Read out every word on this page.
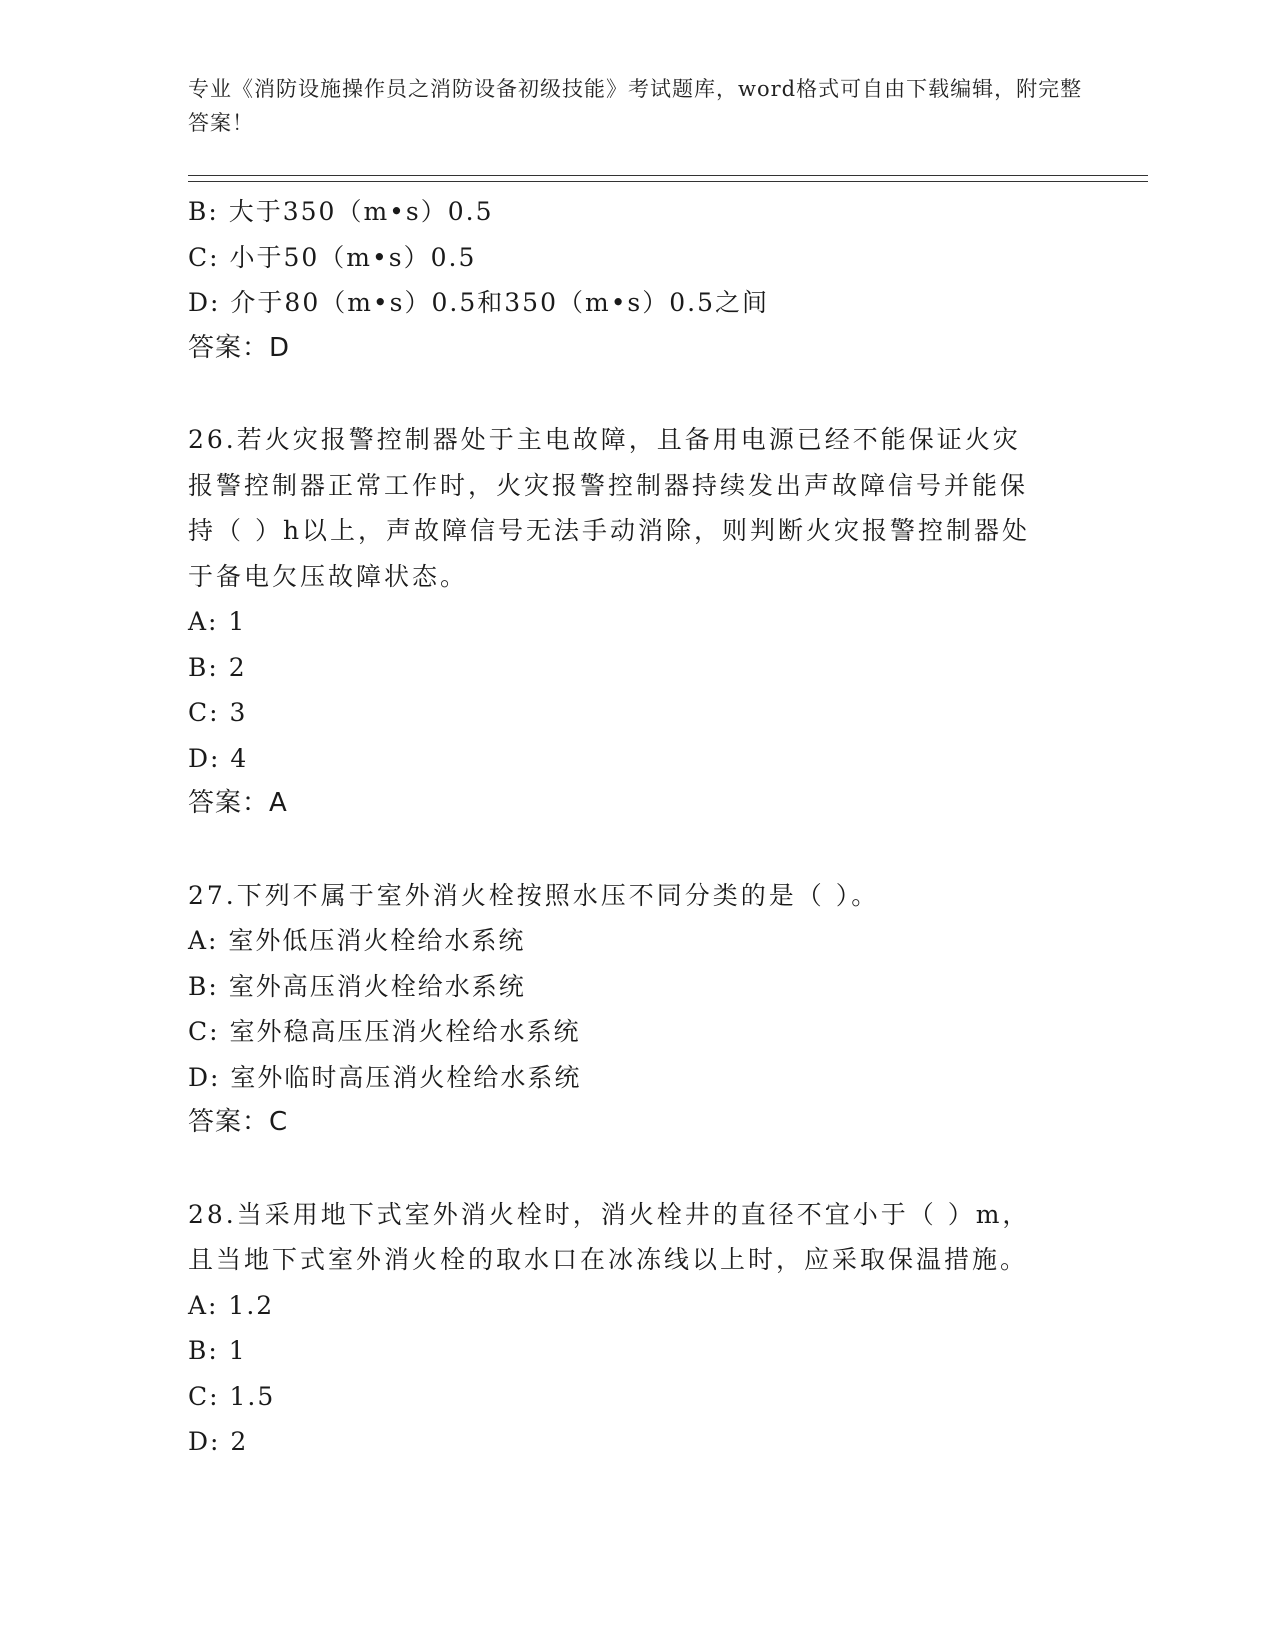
专业《消防设施操作员之消防设备初级技能》考试题库，word格式可自由下载编辑，附完整答案！
B: 大于350（m•s）0.5
C: 小于50（m•s）0.5
D: 介于80（m•s）0.5和350（m•s）0.5之间
答案：D
26.若火灾报警控制器处于主电故障，且备用电源已经不能保证火灾报警控制器正常工作时，火灾报警控制器持续发出声故障信号并能保持（ ）h以上，声故障信号无法手动消除，则判断火灾报警控制器处于备电欠压故障状态。
A: 1
B: 2
C: 3
D: 4
答案：A
27.下列不属于室外消火栓按照水压不同分类的是（ ）。
A: 室外低压消火栓给水系统
B: 室外高压消火栓给水系统
C: 室外稳高压压消火栓给水系统
D: 室外临时高压消火栓给水系统
答案：C
28.当采用地下式室外消火栓时，消火栓井的直径不宜小于（ ）m，且当地下式室外消火栓的取水口在冰冻线以上时，应采取保温措施。
A: 1.2
B: 1
C: 1.5
D: 2
